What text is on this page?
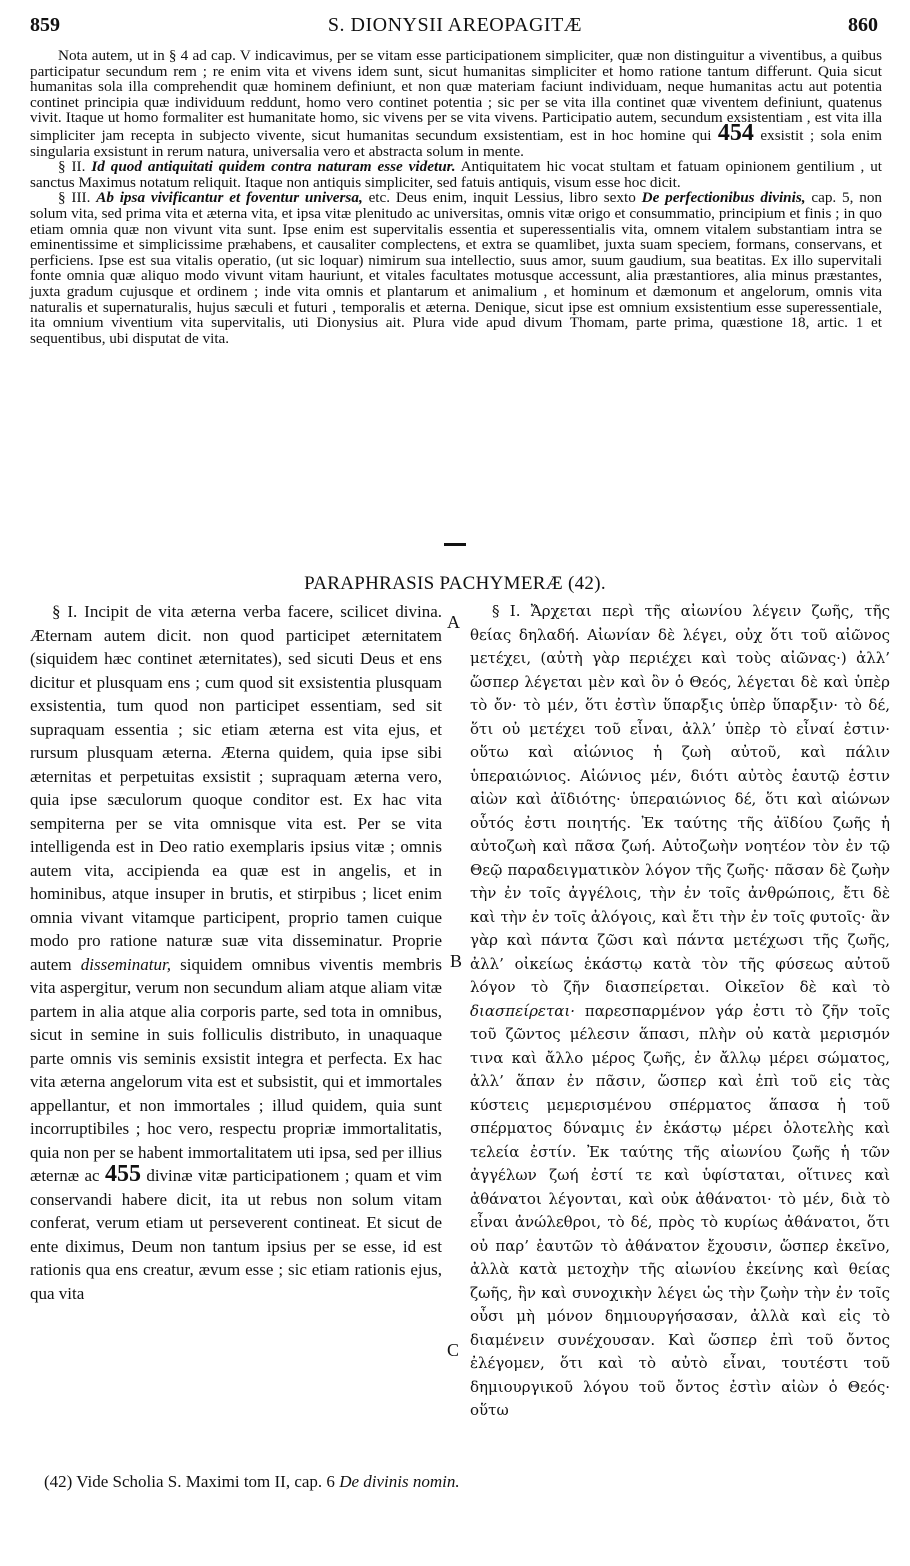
859	S. DIONYSII AREOPAGITÆ	860

Nota autem, ut in § 4 ad cap. V indicavimus, per se vitam esse participationem simpliciter, quæ non distinguitur a viventibus, a quibus participatur secundum rem ; re enim vita et vivens idem sunt, sicut humanitas simpliciter et homo ratione tantum differunt. Quia sicut humanitas sola illa comprehendit quæ hominem definiunt, et non quæ materiam faciunt individuam, neque humanitas actu aut potentia continet principia quæ individuum reddunt, homo vero continet potentia ; sic per se vita illa continet quæ viventem definiunt, quatenus vivit. Itaque ut homo formaliter est humanitate homo, sic vivens per se vita vivens. Participatio autem, secundum exsistentiam , est vita illa simpliciter jam recepta in subjecto vivente, sicut humanitas secundum exsistentiam, est in hoc homine qui 454 exsistit ; sola enim singularia exsistunt in rerum natura, universalia vero et abstracta solum in mente.

§ II. Id quod antiquitati quidem contra naturam esse videtur. Antiquitatem hic vocat stultam et fatuam opinionem gentilium , ut sanctus Maximus notatum reliquit. Itaque non antiquis simpliciter, sed fatuis antiquis, visum esse hoc dicit.

§ III. Ab ipsa vivificantur et foventur universa, etc. Deus enim, inquit Lessius, libro sexto De perfectionibus divinis, cap. 5, non solum vita, sed prima vita et æterna vita, et ipsa vitæ plenitudo ac universitas, omnis vitæ origo et consummatio, principium et finis ; in quo etiam omnia quæ non vivunt vita sunt. Ipse enim est supervitalis essentia et superessentialis vita, omnem vitalem substantiam intra se eminentissime et simplicissime præhabens, et causaliter complectens, et extra se quamlibet, juxta suam speciem, formans, conservans, et perficiens. Ipse est sua vitalis operatio, (ut sic loquar) nimirum sua intellectio, suus amor, suum gaudium, sua beatitas. Ex illo supervitali fonte omnia quæ aliquo modo vivunt vitam hauriunt, et vitales facultates motusque accessunt, alia præstantiores, alia minus præstantes, juxta gradum cujusque et ordinem ; inde vita omnis et plantarum et animalium , et hominum et dæmonum et angelorum, omnis vita naturalis et supernaturalis, hujus sæculi et futuri , temporalis et æterna. Denique, sicut ipse est omnium exsistentium esse superessentiale, ita omnium viventium vita supervitalis, uti Dionysius ait. Plura vide apud divum Thomam, parte prima, quæstione 18, artic. 1 et sequentibus, ubi disputat de vita.

PARAPHRASIS PACHYMERÆ (42).

§ I. Incipit de vita æterna verba facere, scilicet divina. Æternam autem dicit. non quod participet æternitatem (siquidem hæc continet æternitates), sed sicuti Deus et ens dicitur et plusquam ens ; cum quod sit exsistentia plusquam exsistentia, tum quod non participet essentiam, sed sit supraquam essentia ; sic etiam æterna est vita ejus, et rursum plusquam æterna. Æterna quidem, quia ipse sibi æternitas et perpetuitas exsistit ; supraquam æterna vero, quia ipse sæculorum quoque conditor est. Ex hac vita sempiterna per se vita omnisque vita est. Per se vita intelligenda est in Deo ratio exemplaris ipsius vitæ ; omnis autem vita, accipienda ea quæ est in angelis, et in hominibus, atque insuper in brutis, et stirpibus ; licet enim omnia vivant vitamque participent, proprio tamen cuique modo pro ratione naturæ suæ vita disseminatur. Proprie autem disseminatur, siquidem omnibus viventis membris vita aspergitur, verum non secundum aliam atque aliam vitæ partem in alia atque alia corporis parte, sed tota in omnibus, sicut in semine in suis folliculis distributo, in unaquaque parte omnis vis seminis exsistit integra et perfecta. Ex hac vita æterna angelorum vita est et subsistit, qui et immortales appellantur, et non immortales ; illud quidem, quia sunt incorruptibiles ; hoc vero, respectu propriæ immortalitatis, quia non per se habent immortalitatem uti ipsa, sed per illius æternæ ac 455 divinæ vitæ participationem ; quam et vim conservandi habere dicit, ita ut rebus non solum vitam conferat, verum etiam ut perseverent contineat. Et sicut de ente diximus, Deum non tantum ipsius per se esse, id est rationis qua ens creatur, ævum esse ; sic etiam rationis ejus, qua vita

A
B
C

§ I. Ἄρχεται περὶ τῆς αἰωνίου λέγειν ζωῆς, τῆς θείας δηλαδή. Αἰωνίαν δὲ λέγει, οὐχ ὅτι τοῦ αἰῶνος μετέχει, (αὐτὴ γὰρ περιέχει καὶ τοὺς αἰῶνας·) ἀλλ’ ὥσπερ λέγεται μὲν καὶ ὂν ὁ Θεός, λέγεται δὲ καὶ ὑπὲρ τὸ ὄν· τὸ μέν, ὅτι ἐστὶν ὕπαρξις ὑπὲρ ὕπαρξιν· τὸ δέ, ὅτι οὐ μετέχει τοῦ εἶναι, ἀλλ’ ὑπὲρ τὸ εἶναί ἐστιν· οὕτω καὶ αἰώνιος ἡ ζωὴ αὐτοῦ, καὶ πάλιν ὑπεραιώνιος. Αἰώνιος μέν, διότι αὐτὸς ἑαυτῷ ἐστιν αἰὼν καὶ ἀϊδιότης· ὑπεραιώνιος δέ, ὅτι καὶ αἰώνων οὗτός ἐστι ποιητής. Ἐκ ταύτης τῆς ἀϊδίου ζωῆς ἡ αὐτοζωὴ καὶ πᾶσα ζωή. Αὐτοζωὴν νοητέον τὸν ἐν τῷ Θεῷ παραδειγματικὸν λόγον τῆς ζωῆς· πᾶσαν δὲ ζωὴν τὴν ἐν τοῖς ἀγγέλοις, τὴν ἐν τοῖς ἀνθρώποις, ἔτι δὲ καὶ τὴν ἐν τοῖς ἀλόγοις, καὶ ἔτι τὴν ἐν τοῖς φυτοῖς· ἂν γὰρ καὶ πάντα ζῶσι καὶ πάντα μετέχωσι τῆς ζωῆς, ἀλλ’ οἰκείως ἑκάστῳ κατὰ τὸν τῆς φύσεως αὐτοῦ λόγον τὸ ζῆν διασπείρεται. Οἰκεῖον δὲ καὶ τὸ διασπείρεται· παρεσπαρμένον γάρ ἐστι τὸ ζῆν τοῖς τοῦ ζῶντος μέλεσιν ἅπασι, πλὴν οὐ κατὰ μερισμόν τινα καὶ ἄλλο μέρος ζωῆς, ἐν ἄλλῳ μέρει σώματος, ἀλλ’ ἅπαν ἐν πᾶσιν, ὥσπερ καὶ ἐπὶ τοῦ εἰς τὰς κύστεις μεμερισμένου σπέρματος ἅπασα ἡ τοῦ σπέρματος δύναμις ἐν ἑκάστῳ μέρει ὁλοτελὴς καὶ τελεία ἐστίν. Ἐκ ταύτης τῆς αἰωνίου ζωῆς ἡ τῶν ἀγγέλων ζωή ἐστί τε καὶ ὑφίσταται, οἵτινες καὶ ἀθάνατοι λέγονται, καὶ οὐκ ἀθάνατοι· τὸ μέν, διὰ τὸ εἶναι ἀνώλεθροι, τὸ δέ, πρὸς τὸ κυρίως ἀθάνατοι, ὅτι οὐ παρ’ ἑαυτῶν τὸ ἀθάνατον ἔχουσιν, ὥσπερ ἐκεῖνο, ἀλλὰ κατὰ μετοχὴν τῆς αἰωνίου ἐκείνης καὶ θείας ζωῆς, ἣν καὶ συνοχικὴν λέγει ὡς τὴν ζωὴν τὴν ἐν τοῖς οὖσι μὴ μόνον δημιουργήσασαν, ἀλλὰ καὶ εἰς τὸ διαμένειν συνέχουσαν. Καὶ ὥσπερ ἐπὶ τοῦ ὄντος ἐλέγομεν, ὅτι καὶ τὸ αὐτὸ εἶναι, τουτέστι τοῦ δημιουργικοῦ λόγου τοῦ ὄντος ἐστὶν αἰὼν ὁ Θεός· οὕτω

(42) Vide Scholia S. Maximi tom II, cap. 6 De divinis nomin.
